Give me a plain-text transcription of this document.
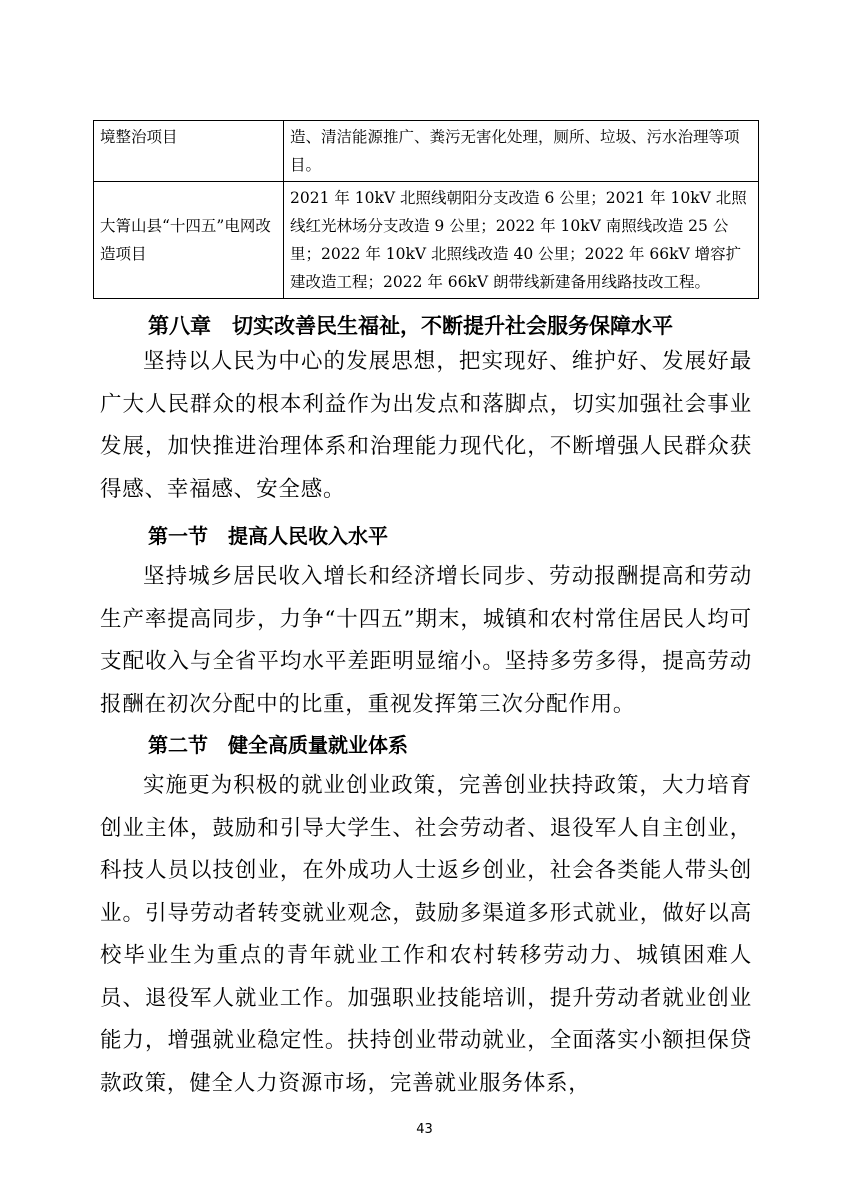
境整治项目	造、清洁能源推广、粪污无害化处理，厕所、垃圾、污水治理等项目。
大箐山县“十四五”电网改造项目	2021 年 10kV 北照线朝阳分支改造 6 公里；2021 年 10kV 北照线红光林场分支改造 9 公里；2022 年 10kV 南照线改造 25 公里；2022 年 10kV 北照线改造 40 公里；2022 年 66kV 增容扩建改造工程；2022 年 66kV 朗带线新建备用线路技改工程。
第八章　切实改善民生福祉，不断提升社会服务保障水平

坚持以人民为中心的发展思想，把实现好、维护好、发展好最广大人民群众的根本利益作为出发点和落脚点，切实加强社会事业发展，加快推进治理体系和治理能力现代化，不断增强人民群众获得感、幸福感、安全感。

第一节　提高人民收入水平

坚持城乡居民收入增长和经济增长同步、劳动报酬提高和劳动生产率提高同步，力争“十四五”期末，城镇和农村常住居民人均可支配收入与全省平均水平差距明显缩小。坚持多劳多得，提高劳动报酬在初次分配中的比重，重视发挥第三次分配作用。

第二节　健全高质量就业体系

实施更为积极的就业创业政策，完善创业扶持政策，大力培育创业主体，鼓励和引导大学生、社会劳动者、退役军人自主创业，科技人员以技创业，在外成功人士返乡创业，社会各类能人带头创业。引导劳动者转变就业观念，鼓励多渠道多形式就业，做好以高校毕业生为重点的青年就业工作和农村转移劳动力、城镇困难人员、退役军人就业工作。加强职业技能培训，提升劳动者就业创业能力，增强就业稳定性。扶持创业带动就业，全面落实小额担保贷款政策，健全人力资源市场，完善就业服务体系，

43
